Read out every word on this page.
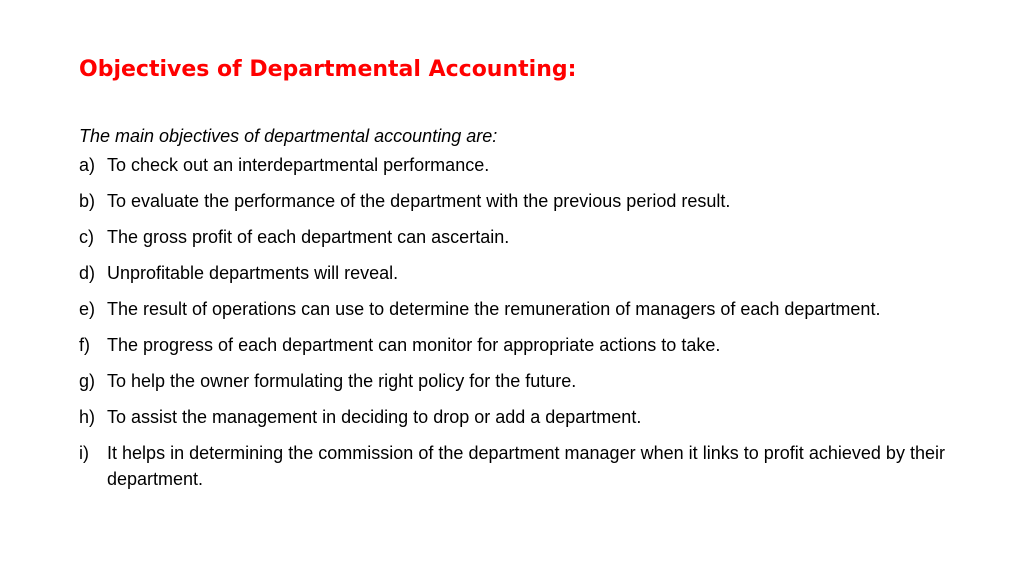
Objectives of Departmental Accounting:
The main objectives of departmental accounting are:
a) To check out an interdepartmental performance.
b) To evaluate the performance of the department with the previous period result.
c) The gross profit of each department can ascertain.
d) Unprofitable departments will reveal.
e) The result of operations can use to determine the remuneration of managers of each department.
f) The progress of each department can monitor for appropriate actions to take.
g) To help the owner formulating the right policy for the future.
h) To assist the management in deciding to drop or add a department.
i)	It helps in determining the commission of the department manager when it links to profit achieved by their department.
